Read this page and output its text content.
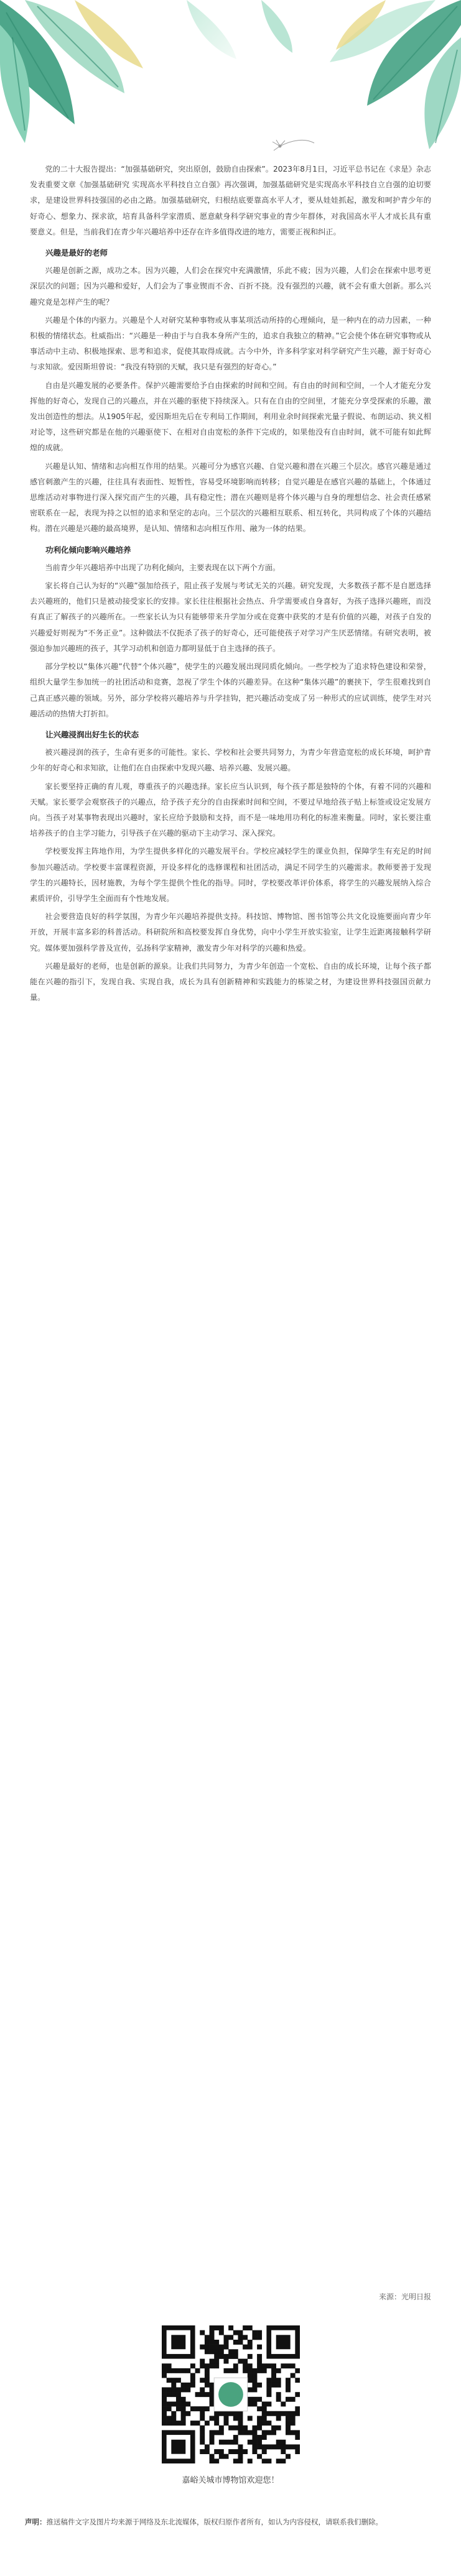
党的二十大报告提出：“加强基础研究，突出原创，鼓励自由探索”。2023年8月1日，习近平总书记在《求是》杂志发表重要文章《加强基础研究 实现高水平科技自立自强》再次强调，加强基础研究是实现高水平科技自立自强的迫切要求，是建设世界科技强国的必由之路。加强基础研究，归根结底要靠高水平人才，要从娃娃抓起，激发和呵护青少年的好奇心、想象力、探求欲，培育具备科学家潜质、愿意献身科学研究事业的青少年群体，对我国高水平人才成长具有重要意义。但是，当前我们在青少年兴趣培养中还存在许多值得改进的地方，需要正视和纠正。

兴趣是最好的老师

兴趣是创新之源，成功之本。因为兴趣，人们会在探究中充满激情，乐此不疲；因为兴趣，人们会在探索中思考更深层次的问题；因为兴趣和爱好，人们会为了事业锲而不舍、百折不挠。没有强烈的兴趣，就不会有重大创新。那么兴趣究竟是怎样产生的呢？

兴趣是个体的内驱力。兴趣是个人对研究某种事物或从事某项活动所持的心理倾向，是一种内在的动力因素，一种积极的情绪状态。杜威指出：“兴趣是一种由于与自我本身所产生的，追求自我独立的精神。”它会使个体在研究事物或从事活动中主动、积极地探索、思考和追求，促使其取得成就。古今中外，许多科学家对科学研究产生兴趣，源于好奇心与求知欲。爱因斯坦曾说：“我没有特别的天赋，我只是有强烈的好奇心。”

自由是兴趣发展的必要条件。保护兴趣需要给予自由探索的时间和空间。有自由的时间和空间，一个人才能充分发挥他的好奇心，发现自己的兴趣点，并在兴趣的驱使下持续深入。只有在自由的空间里，才能充分享受探索的乐趣，激发出创造性的想法。从1905年起，爱因斯坦先后在专利局工作期间，利用业余时间探索光量子假说、布朗运动、狭义相对论等，这些研究都是在他的兴趣驱使下、在相对自由宽松的条件下完成的，如果他没有自由时间，就不可能有如此辉煌的成就。

兴趣是认知、情绪和志向相互作用的结果。兴趣可分为感官兴趣、自觉兴趣和潜在兴趣三个层次。感官兴趣是通过感官刺激产生的兴趣，往往具有表面性、短暂性，容易受环境影响而转移；自觉兴趣是在感官兴趣的基础上，个体通过思维活动对事物进行深入探究而产生的兴趣，具有稳定性；潜在兴趣则是将个体兴趣与自身的理想信念、社会责任感紧密联系在一起，表现为持之以恒的追求和坚定的志向。三个层次的兴趣相互联系、相互转化，共同构成了个体的兴趣结构。潜在兴趣是兴趣的最高境界，是认知、情绪和志向相互作用、融为一体的结果。

功利化倾向影响兴趣培养

当前青少年兴趣培养中出现了功利化倾向，主要表现在以下两个方面。

家长将自己认为好的“兴趣”强加给孩子，阻止孩子发展与考试无关的兴趣。研究发现，大多数孩子都不是自愿选择去兴趣班的，他们只是被动接受家长的安排。家长往往根据社会热点、升学需要或自身喜好，为孩子选择兴趣班，而没有真正了解孩子的兴趣所在。一些家长认为只有能够带来升学加分或在竞赛中获奖的才是有价值的兴趣，对孩子自发的兴趣爱好则视为“不务正业”。这种做法不仅扼杀了孩子的好奇心，还可能使孩子对学习产生厌恶情绪。有研究表明，被强迫参加兴趣班的孩子，其学习动机和创造力都明显低于自主选择的孩子。

部分学校以“集体兴趣”代替“个体兴趣”，使学生的兴趣发展出现同质化倾向。一些学校为了追求特色建设和荣誉，组织大量学生参加统一的社团活动和竞赛，忽视了学生个体的兴趣差异。在这种“集体兴趣”的裹挟下，学生很难找到自己真正感兴趣的领域。另外，部分学校将兴趣培养与升学挂钩，把兴趣活动变成了另一种形式的应试训练，使学生对兴趣活动的热情大打折扣。

让兴趣浸润出好生长的状态

被兴趣浸润的孩子，生命有更多的可能性。家长、学校和社会要共同努力，为青少年营造宽松的成长环境，呵护青少年的好奇心和求知欲，让他们在自由探索中发现兴趣、培养兴趣、发展兴趣。

家长要坚持正确的育儿观，尊重孩子的兴趣选择。家长应当认识到，每个孩子都是独特的个体，有着不同的兴趣和天赋。家长要学会观察孩子的兴趣点，给予孩子充分的自由探索时间和空间，不要过早地给孩子贴上标签或设定发展方向。当孩子对某事物表现出兴趣时，家长应给予鼓励和支持，而不是一味地用功利化的标准来衡量。同时，家长要注重培养孩子的自主学习能力，引导孩子在兴趣的驱动下主动学习、深入探究。

学校要发挥主阵地作用，为学生提供多样化的兴趣发展平台。学校应减轻学生的课业负担，保障学生有充足的时间参加兴趣活动。学校要丰富课程资源，开设多样化的选修课程和社团活动，满足不同学生的兴趣需求。教师要善于发现学生的兴趣特长，因材施教，为每个学生提供个性化的指导。同时，学校要改革评价体系，将学生的兴趣发展纳入综合素质评价，引导学生全面而有个性地发展。

社会要营造良好的科学氛围，为青少年兴趣培养提供支持。科技馆、博物馆、图书馆等公共文化设施要面向青少年开放，开展丰富多彩的科普活动。科研院所和高校要发挥自身优势，向中小学生开放实验室，让学生近距离接触科学研究。媒体要加强科学普及宣传，弘扬科学家精神，激发青少年对科学的兴趣和热爱。

兴趣是最好的老师，也是创新的源泉。让我们共同努力，为青少年创造一个宽松、自由的成长环境，让每个孩子都能在兴趣的指引下，发现自我、实现自我，成长为具有创新精神和实践能力的栋梁之材，为建设世界科技强国贡献力量。

来源：光明日报
嘉峪关城市博物馆欢迎您！
声明：推送稿件文字及图片均来源于网络及东北流媒体，版权归原作者所有，如认为内容侵权，请联系我们删除。
